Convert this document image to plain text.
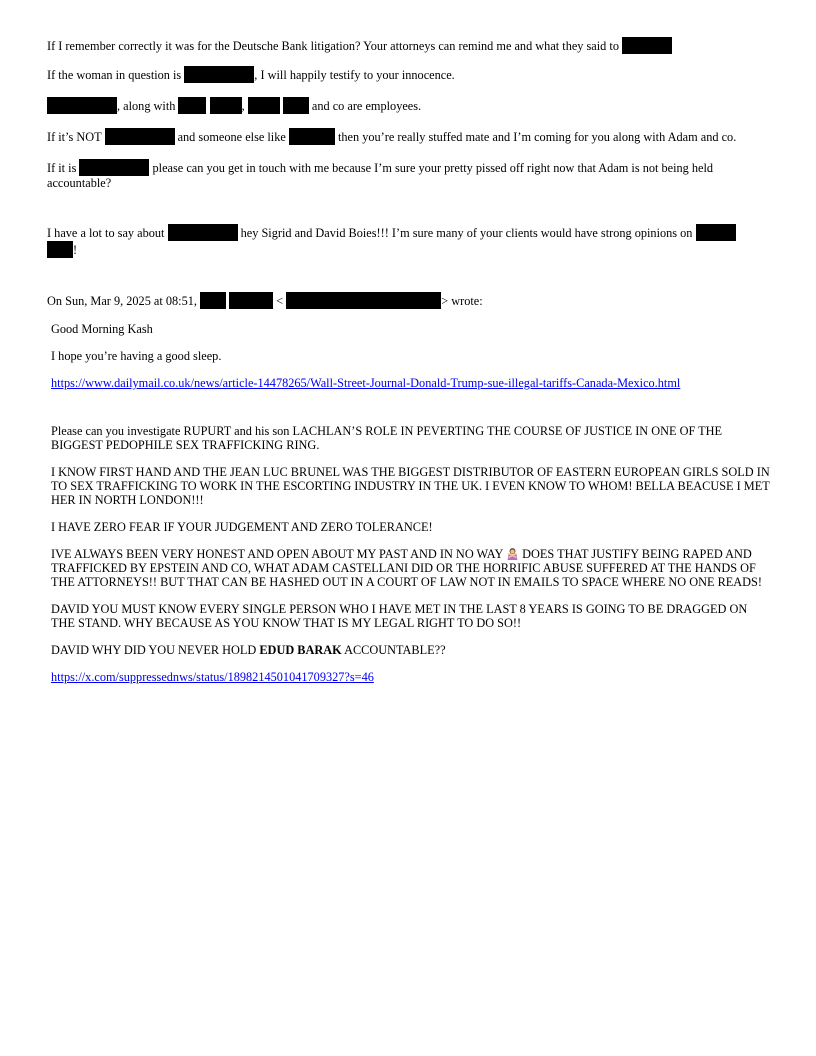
If I remember correctly it was for the Deutsche Bank litigation? Your attorneys can remind me and what they said to

If the woman in question is	, I will happily testify to your innocence.

, along with	,	and co are employees.

If it’s NOT	and someone else like	then you’re really stuffed mate and I’m coming for you along with Adam and co.

If it is	please can you get in touch with me because I’m sure your pretty pissed off right now that Adam is not being held accountable?

I have a lot to say about	hey Sigrid and David Boies!!! I’m sure many of your clients would have strong opinions on
!

On Sun, Mar 9, 2025 at 08:51,	<	> wrote:

Good Morning Kash

I hope you’re having a good sleep.

https://www.dailymail.co.uk/news/article-14478265/Wall-Street-Journal-Donald-Trump-sue-illegal-tariffs-Canada-Mexico.html

Please can you investigate RUPURT and his son LACHLAN’S ROLE IN PEVERTING THE COURSE OF JUSTICE IN ONE OF THE BIGGEST PEDOPHILE SEX TRAFFICKING RING.

I KNOW FIRST HAND AND THE JEAN LUC BRUNEL WAS THE BIGGEST DISTRIBUTOR OF EASTERN EUROPEAN GIRLS SOLD IN TO SEX TRAFFICKING TO WORK IN THE ESCORTING INDUSTRY IN THE UK. I EVEN KNOW TO WHOM! BELLA BEACUSE I MET HER IN NORTH LONDON!!!

I HAVE ZERO FEAR IF YOUR JUDGEMENT AND ZERO TOLERANCE!

IVE ALWAYS BEEN VERY HONEST AND OPEN ABOUT MY PAST AND IN NO WAY  DOES THAT JUSTIFY BEING RAPED AND TRAFFICKED BY EPSTEIN AND CO, WHAT ADAM CASTELLANI DID OR THE HORRIFIC ABUSE SUFFERED AT THE HANDS OF THE ATTORNEYS!! BUT THAT CAN BE HASHED OUT IN A COURT OF LAW NOT IN EMAILS TO SPACE WHERE NO ONE READS!

DAVID YOU MUST KNOW EVERY SINGLE PERSON WHO I HAVE MET IN THE LAST 8 YEARS IS GOING TO BE DRAGGED ON THE STAND. WHY BECAUSE AS YOU KNOW THAT IS MY LEGAL RIGHT TO DO SO!!

DAVID WHY DID YOU NEVER HOLD EDUD BARAK ACCOUNTABLE??

https://x.com/suppressednws/status/1898214501041709327?s=46
